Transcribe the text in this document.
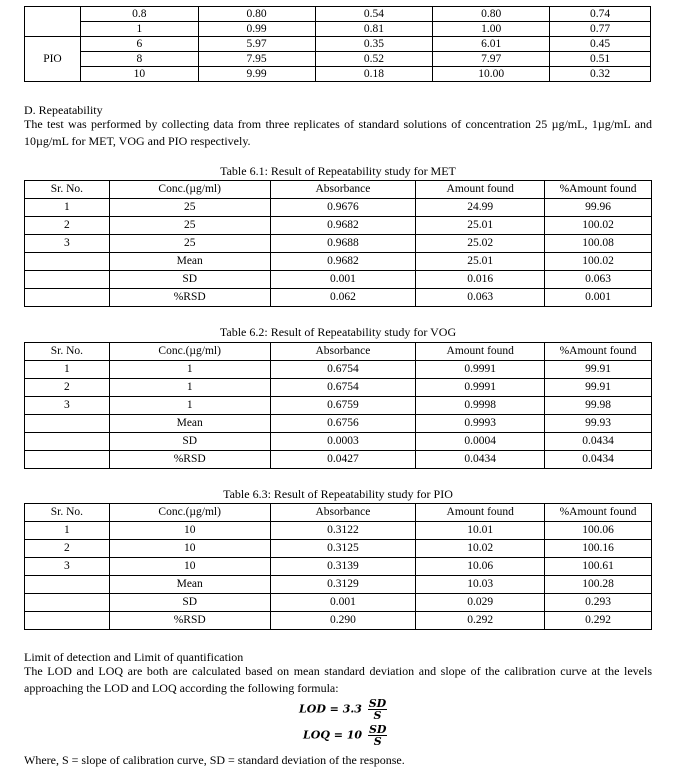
	0.8	0.80	0.54	0.80	0.74
	1	0.99	0.81	1.00	0.77
PIO	6	5.97	0.35	6.01	0.45
	8	7.95	0.52	7.97	0.51
	10	9.99	0.18	10.00	0.32
D. Repeatability
The test was performed by collecting data from three replicates of standard solutions of concentration 25 µg/mL, 1µg/mL and 10µg/mL for MET, VOG and PIO respectively.
Table 6.1: Result of Repeatability study for MET
Sr. No.	Conc.(µg/ml)	Absorbance	Amount found	%Amount found
1	25	0.9676	24.99	99.96
2	25	0.9682	25.01	100.02
3	25	0.9688	25.02	100.08
	Mean	0.9682	25.01	100.02
	SD	0.001	0.016	0.063
	%RSD	0.062	0.063	0.001
Table 6.2: Result of Repeatability study for VOG
Sr. No.	Conc.(µg/ml)	Absorbance	Amount found	%Amount found
1	1	0.6754	0.9991	99.91
2	1	0.6754	0.9991	99.91
3	1	0.6759	0.9998	99.98
	Mean	0.6756	0.9993	99.93
	SD	0.0003	0.0004	0.0434
	%RSD	0.0427	0.0434	0.0434
Table 6.3: Result of Repeatability study for PIO
Sr. No.	Conc.(µg/ml)	Absorbance	Amount found	%Amount found
1	10	0.3122	10.01	100.06
2	10	0.3125	10.02	100.16
3	10	0.3139	10.06	100.61
	Mean	0.3129	10.03	100.28
	SD	0.001	0.029	0.293
	%RSD	0.290	0.292	0.292
Limit of detection and Limit of quantification
The LOD and LOQ are both are calculated based on mean standard deviation and slope of the calibration curve at the levels approaching the LOD and LOQ according the following formula:
LOD = $3.3 \frac{SD}{S}$
LOQ = $10 \frac{SD}{S}$
Where, S = slope of calibration curve, SD = standard deviation of the response.
